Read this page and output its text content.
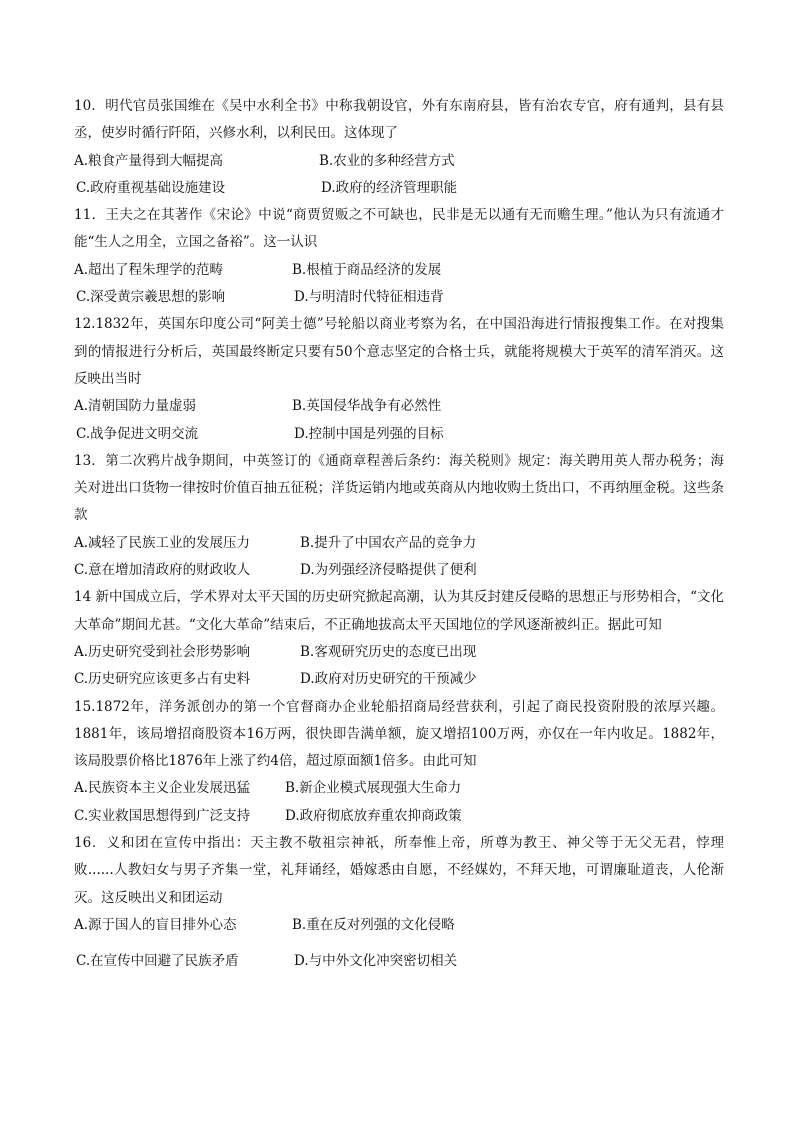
10．明代官员张国维在《吴中水利全书》中称我朝设官，外有东南府县，皆有治农专官，府有通判，县有县丞，使岁时循行阡陌，兴修水利，以利民田。这体现了

A.粮食产量得到大幅提高	B.农业的多种经营方式
C.政府重视基础设施建设	D.政府的经济管理职能

11．王夫之在其著作《宋论》中说“商贾贸贩之不可缺也，民非是无以通有无而赡生理。”他认为只有流通才能“生人之用全，立国之备裕”。这一认识

A.超出了程朱理学的范畴	B.根植于商品经济的发展
C.深受黄宗羲思想的影响	D.与明清时代特征相违背

12.1832年，英国东印度公司“阿美士德”号轮船以商业考察为名，在中国沿海进行情报搜集工作。在对搜集到的情报进行分析后，英国最终断定只要有50个意志坚定的合格士兵，就能将规模大于英军的清军消灭。这反映出当时

A.清朝国防力量虚弱	B.英国侵华战争有必然性
C.战争促进文明交流	D.控制中国是列强的目标

13．第二次鸦片战争期间，中英签订的《通商章程善后条约：海关税则》规定：海关聘用英人帮办税务；海关对进出口货物一律按时价值百抽五征税；洋货运销内地或英商从内地收购土货出口，不再纳厘金税。这些条款

A.减轻了民族工业的发展压力	B.提升了中国农产品的竞争力
C.意在增加清政府的财政收人	D.为列强经济侵略提供了便利

14 新中国成立后，学术界对太平天国的历史研究掀起高潮，认为其反封建反侵略的思想正与形势相合，“文化大革命”期间尤甚。“文化大革命”结束后，不正确地拔高太平天国地位的学风逐渐被纠正。据此可知

A.历史研究受到社会形势影响	B.客观研究历史的态度已出现
C.历史研究应该更多占有史料	D.政府对历史研究的干预减少

15.1872年，洋务派创办的第一个官督商办企业轮船招商局经营获利，引起了商民投资附股的浓厚兴趣。1881年，该局增招商股资本16万两，很快即告满单额，旋又增招100万两，亦仅在一年内收足。1882年，该局股票价格比1876年上涨了约4倍，超过原面额1倍多。由此可知

A.民族资本主义企业发展迅猛	B.新企业模式展现强大生命力
C.实业救国思想得到广泛支持	D.政府彻底放弃重农抑商政策

16．义和团在宣传中指出：天主教不敬祖宗神祇，所奉惟上帝，所尊为教王、神父等于无父无君，悖理败......人教妇女与男子齐集一堂，礼拜诵经，婚嫁悉由自愿，不经媒妁，不拜天地，可谓廉耻道丧，人伦渐灭。这反映出义和团运动

A.源于国人的盲目排外心态	B.重在反对列强的文化侵略
C.在宣传中回避了民族矛盾	D.与中外文化冲突密切相关
